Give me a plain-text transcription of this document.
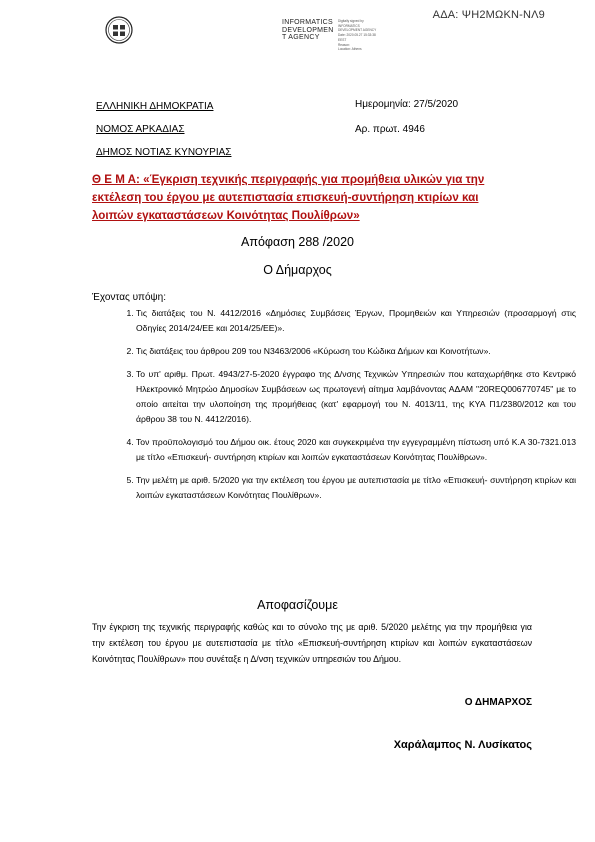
ΑΔΑ: ΨΗ2ΜΩΚΝ-ΝΛ9
INFORMATICS
DEVELOPMEN
T AGENCY
Digitally signed by
INFORMATICS
DEVELOPMENT AGENCY
Date: 2020.05.27 15:33:38
EEST
Reason:
Location: Athens
ΕΛΛΗΝΙΚΗ ΔΗΜΟΚΡΑΤΙΑ
ΝΟΜΟΣ ΑΡΚΑΔΙΑΣ
ΔΗΜΟΣ ΝΟΤΙΑΣ ΚΥΝΟΥΡΙΑΣ
Ημερομηνία: 27/5/2020
Αρ. πρωτ. 4946
Θ Ε Μ Α: «Έγκριση τεχνικής περιγραφής για προμήθεια υλικών για την εκτέλεση του έργου με αυτεπιστασία επισκευή-συντήρηση κτιρίων και λοιπών εγκαταστάσεων Κοινότητας Πουλίθρων»
Απόφαση 288 /2020
Ο Δήμαρχος
Έχοντας υπόψη:
1. Τις διατάξεις του Ν. 4412/2016 «Δημόσιες Συμβάσεις Έργων, Προμηθειών και Υπηρεσιών (προσαρμογή στις Οδηγίες 2014/24/ΕΕ και 2014/25/ΕΕ)».
2. Τις διατάξεις του άρθρου 209 του Ν3463/2006 «Κύρωση του Κώδικα Δήμων και Κοινοτήτων».
3. Το υπ' αριθμ. Πρωτ. 4943/27-5-2020 έγγραφο της Δ/νσης Τεχνικών Υπηρεσιών που καταχωρήθηκε στο Κεντρικό Ηλεκτρονικό Μητρώο Δημοσίων Συμβάσεων ως πρωτογενή αίτημα λαμβάνοντας ΑΔΑΜ "20REQ006770745" με το οποίο αιτείται την υλοποίηση της προμήθειας (κατ' εφαρμογή του Ν. 4013/11, της ΚΥΑ Π1/2380/2012 και του άρθρου 38 του Ν. 4412/2016).
4. Τον προϋπολογισμό του Δήμου οικ. έτους 2020 και συγκεκριμένα την εγγεγραμμένη πίστωση υπό Κ.Α 30-7321.013 με τίτλο «Επισκευή- συντήρηση κτιρίων και λοιπών εγκαταστάσεων Κοινότητας Πουλίθρων».
5. Την μελέτη με αριθ. 5/2020 για την εκτέλεση του έργου με αυτεπιστασία με τίτλο «Επισκευή- συντήρηση κτιρίων και λοιπών εγκαταστάσεων Κοινότητας Πουλίθρων».
Αποφασίζουμε
Την έγκριση της τεχνικής περιγραφής καθώς και το σύνολο της με αριθ. 5/2020 μελέτης για την προμήθεια για την εκτέλεση του έργου με αυτεπιστασία με τίτλο «Επισκευή-συντήρηση κτιρίων και λοιπών εγκαταστάσεων Κοινότητας Πουλίθρων» που συνέταξε η Δ/νση τεχνικών υπηρεσιών του Δήμου.
Ο ΔΗΜΑΡΧΟΣ
Χαράλαμπος Ν. Λυσίκατος
